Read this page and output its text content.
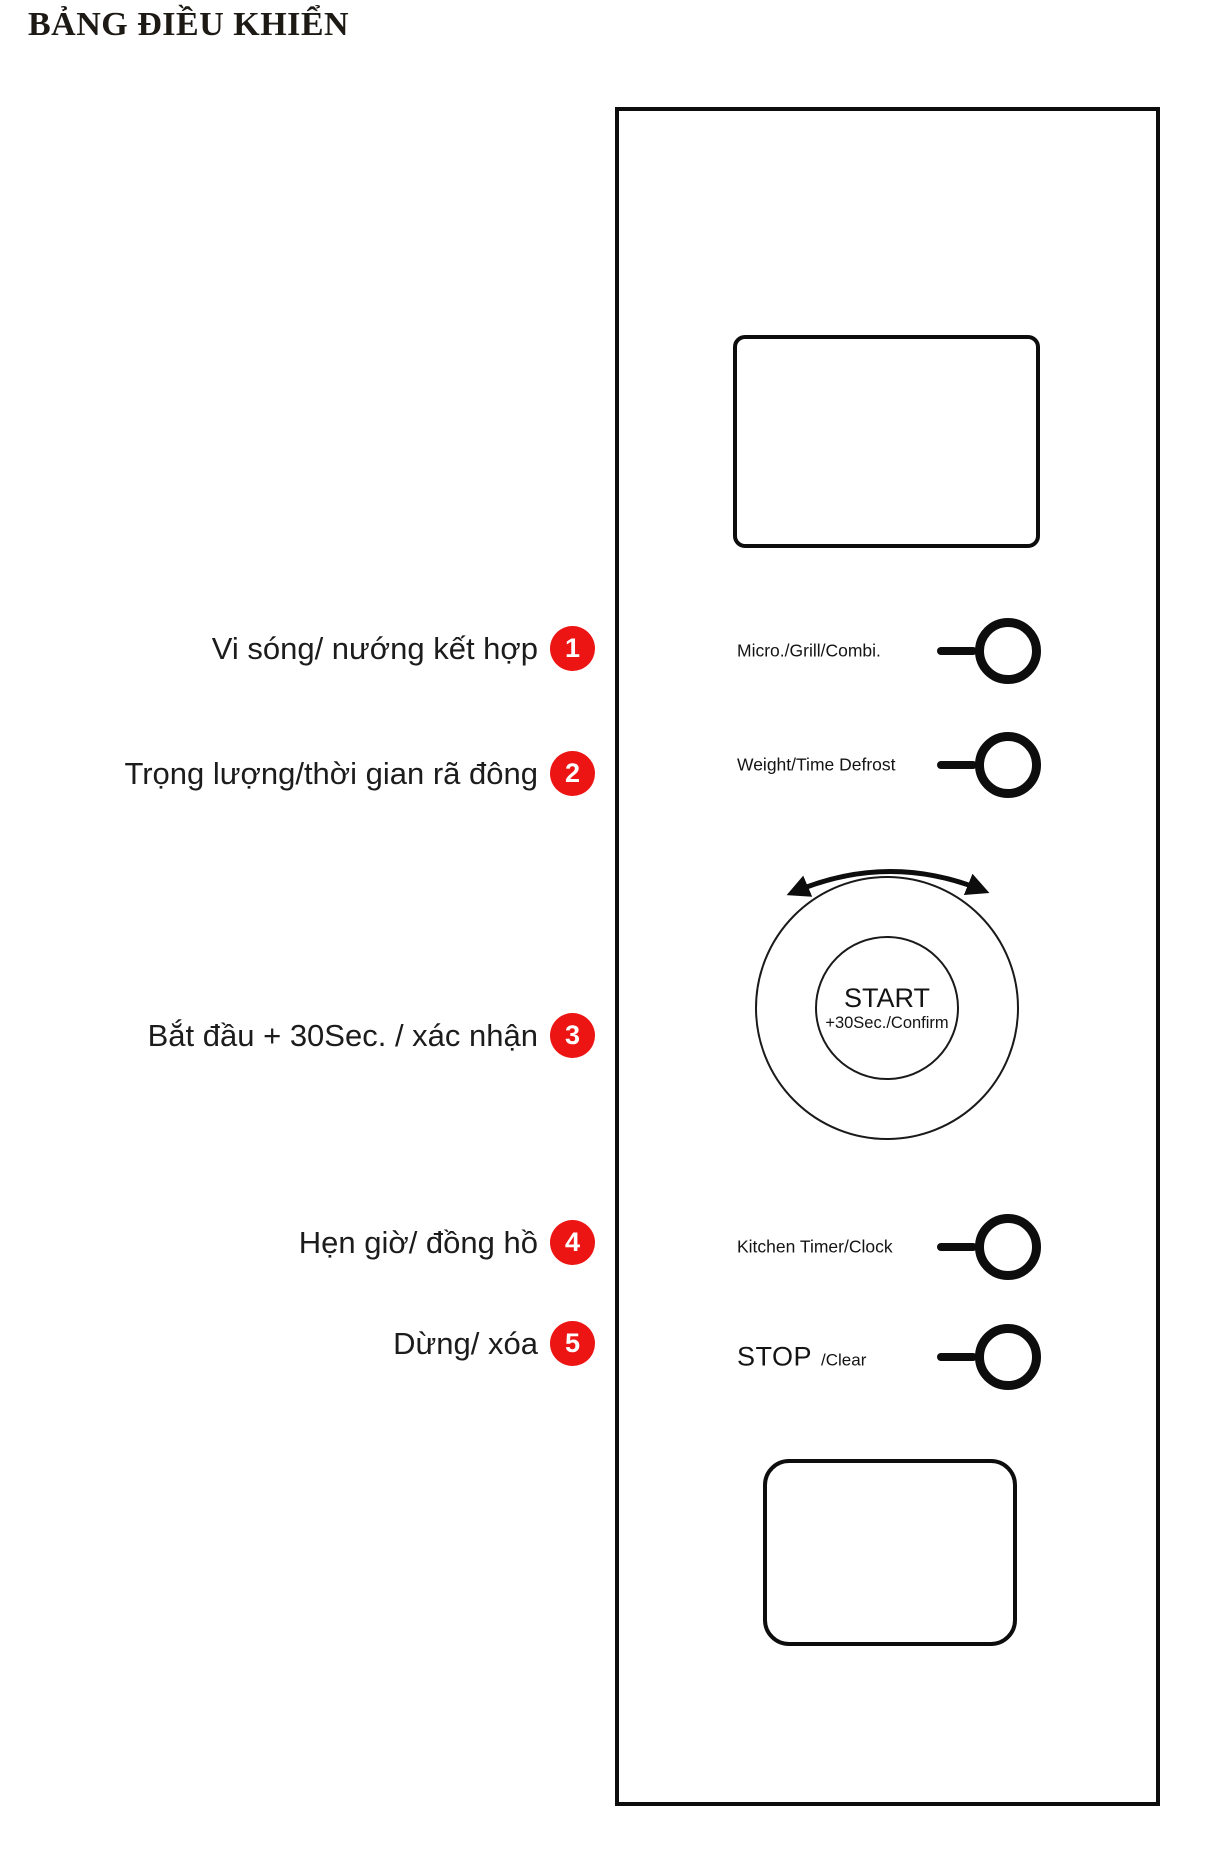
BẢNG ĐIỀU KHIỂN
Vi sóng/ nướng kết hợp 1
Trọng lượng/thời gian rã đông 2
Bắt đầu + 30Sec. / xác nhận 3
Hẹn giờ/ đồng hồ 4
Dừng/ xóa 5
Micro./Grill/Combi.
Weight/Time Defrost
START
+30Sec./Confirm
Kitchen Timer/Clock
STOP /Clear
